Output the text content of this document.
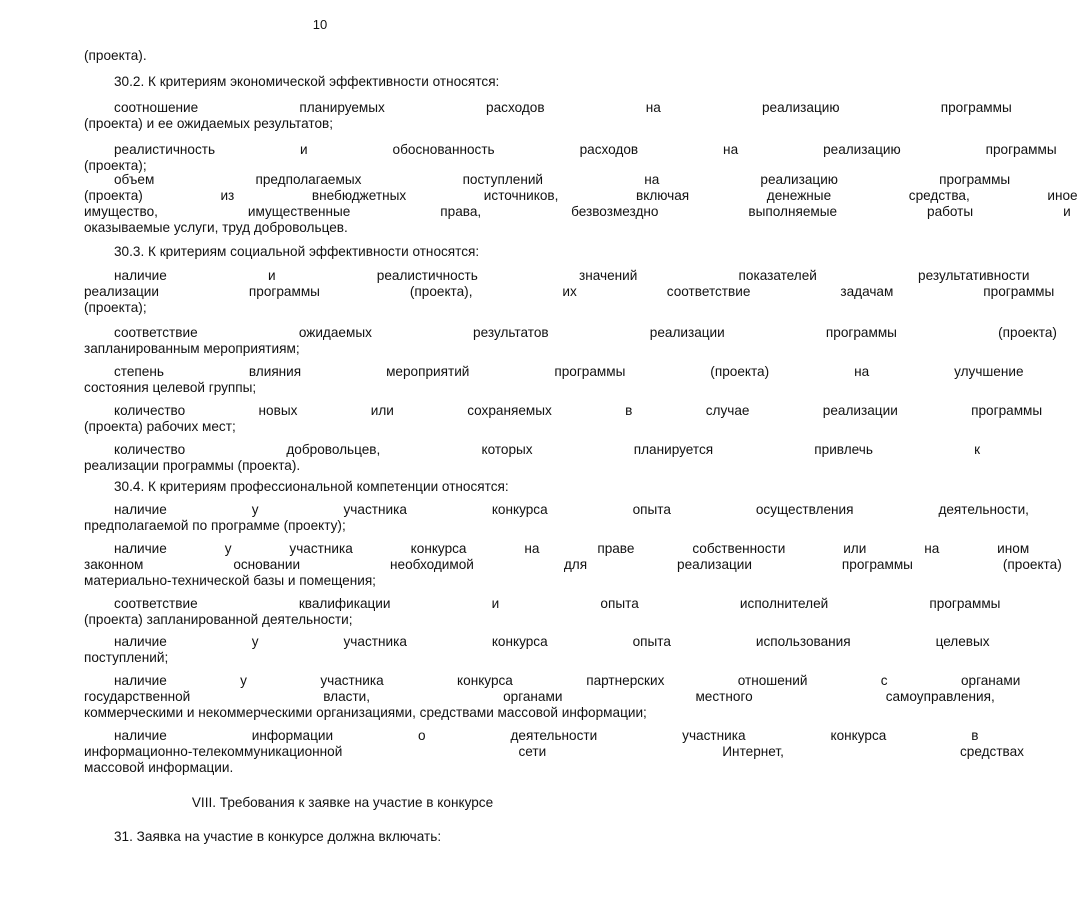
10

(проекта).

30.2. К критериям экономической эффективности относятся:

соотношение планируемых расходов на реализацию программы
(проекта) и ее ожидаемых результатов;

реалистичность и обоснованность расходов на реализацию программы
(проекта);

объем предполагаемых поступлений на реализацию программы
(проекта) из внебюджетных источников, включая денежные средства, иное
имущество, имущественные права, безвозмездно выполняемые работы и
оказываемые услуги, труд добровольцев.

30.3. К критериям социальной эффективности относятся:

наличие и реалистичность значений показателей результативности
реализации программы (проекта), их соответствие задачам программы
(проекта);

соответствие ожидаемых результатов реализации программы (проекта)
запланированным мероприятиям;

степень влияния мероприятий программы (проекта) на улучшение
состояния целевой группы;

количество новых или сохраняемых в случае реализации программы
(проекта) рабочих мест;

количество добровольцев, которых планируется привлечь к
реализации программы (проекта).

30.4. К критериям профессиональной компетенции относятся:

наличие у участника конкурса опыта осуществления деятельности,
предполагаемой по программе (проекту);

наличие у участника конкурса на праве собственности или на ином
законном основании необходимой для реализации программы (проекта)
материально-технической базы и помещения;

соответствие квалификации и опыта исполнителей программы
(проекта) запланированной деятельности;

наличие у участника конкурса опыта использования целевых
поступлений;

наличие у участника конкурса партнерских отношений с органами
государственной власти, органами местного самоуправления,
коммерческими и некоммерческими организациями, средствами массовой информации;

наличие информации о деятельности участника конкурса в
информационно-телекоммуникационной сети Интернет, средствах
массовой информации.

VIII. Требования к заявке на участие в конкурсе

31. Заявка на участие в конкурсе должна включать:
